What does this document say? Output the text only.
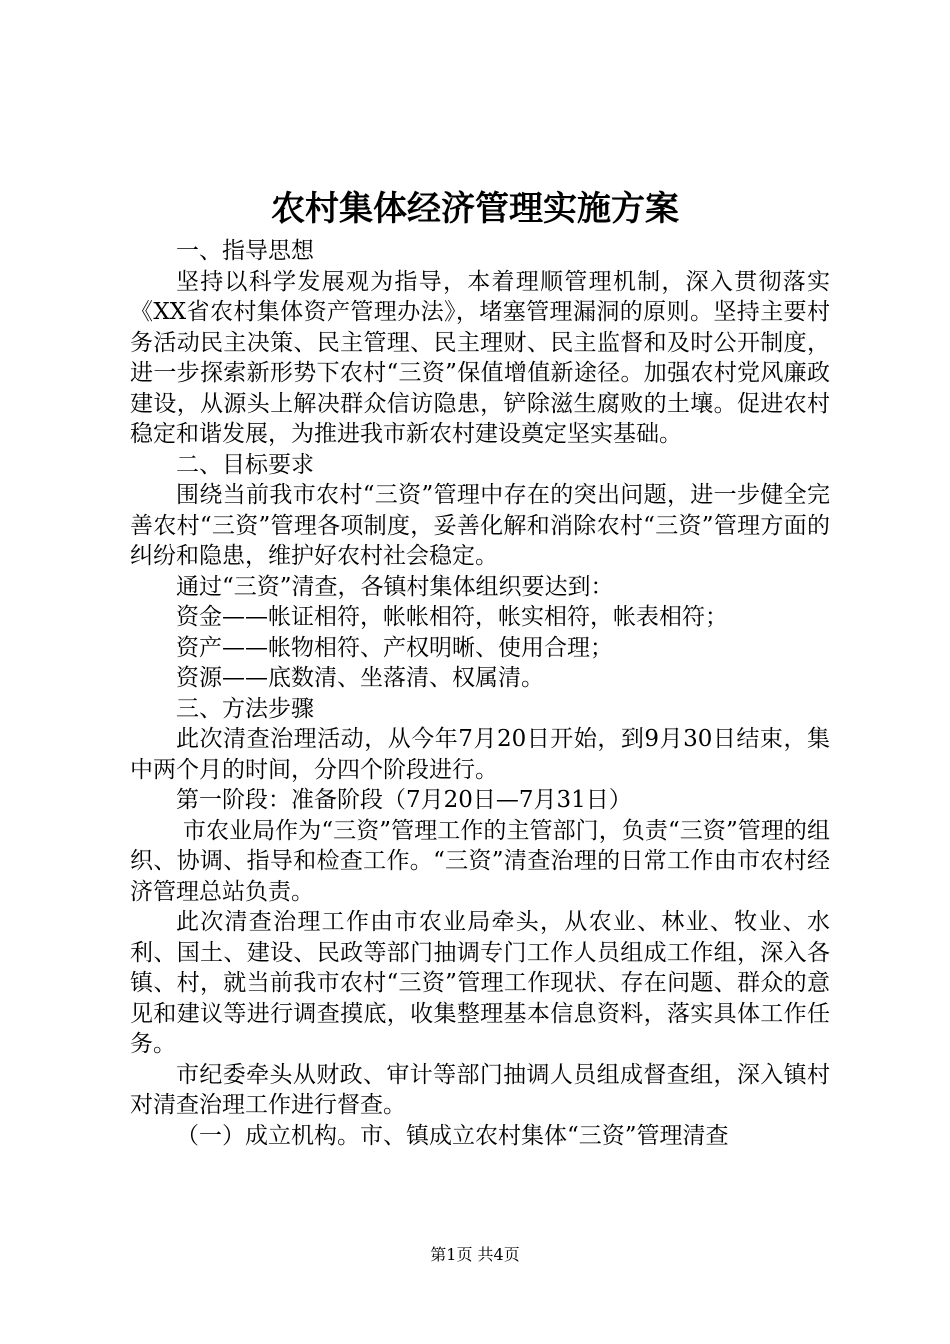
农村集体经济管理实施方案

一、指导思想

坚持以科学发展观为指导，本着理顺管理机制，深入贯彻落实《XX省农村集体资产管理办法》，堵塞管理漏洞的原则。坚持主要村务活动民主决策、民主管理、民主理财、民主监督和及时公开制度，进一步探索新形势下农村“三资”保值增值新途径。加强农村党风廉政建设，从源头上解决群众信访隐患，铲除滋生腐败的土壤。促进农村稳定和谐发展，为推进我市新农村建设奠定坚实基础。

二、目标要求

围绕当前我市农村“三资”管理中存在的突出问题，进一步健全完善农村“三资”管理各项制度，妥善化解和消除农村“三资”管理方面的纠纷和隐患，维护好农村社会稳定。

通过“三资”清查，各镇村集体组织要达到：

资金——帐证相符，帐帐相符，帐实相符，帐表相符；

资产——帐物相符、产权明晰、使用合理；

资源——底数清、坐落清、权属清。

三、方法步骤

此次清查治理活动，从今年7月20日开始，到9月30日结束，集中两个月的时间，分四个阶段进行。

第一阶段：准备阶段（7月20日—7月31日）

市农业局作为“三资”管理工作的主管部门，负责“三资”管理的组织、协调、指导和检查工作。“三资”清查治理的日常工作由市农村经济管理总站负责。

此次清查治理工作由市农业局牵头，从农业、林业、牧业、水利、国土、建设、民政等部门抽调专门工作人员组成工作组，深入各镇、村，就当前我市农村“三资”管理工作现状、存在问题、群众的意见和建议等进行调查摸底，收集整理基本信息资料，落实具体工作任务。

市纪委牵头从财政、审计等部门抽调人员组成督查组，深入镇村对清查治理工作进行督查。

（一）成立机构。市、镇成立农村集体“三资”管理清查

第1页 共4页
